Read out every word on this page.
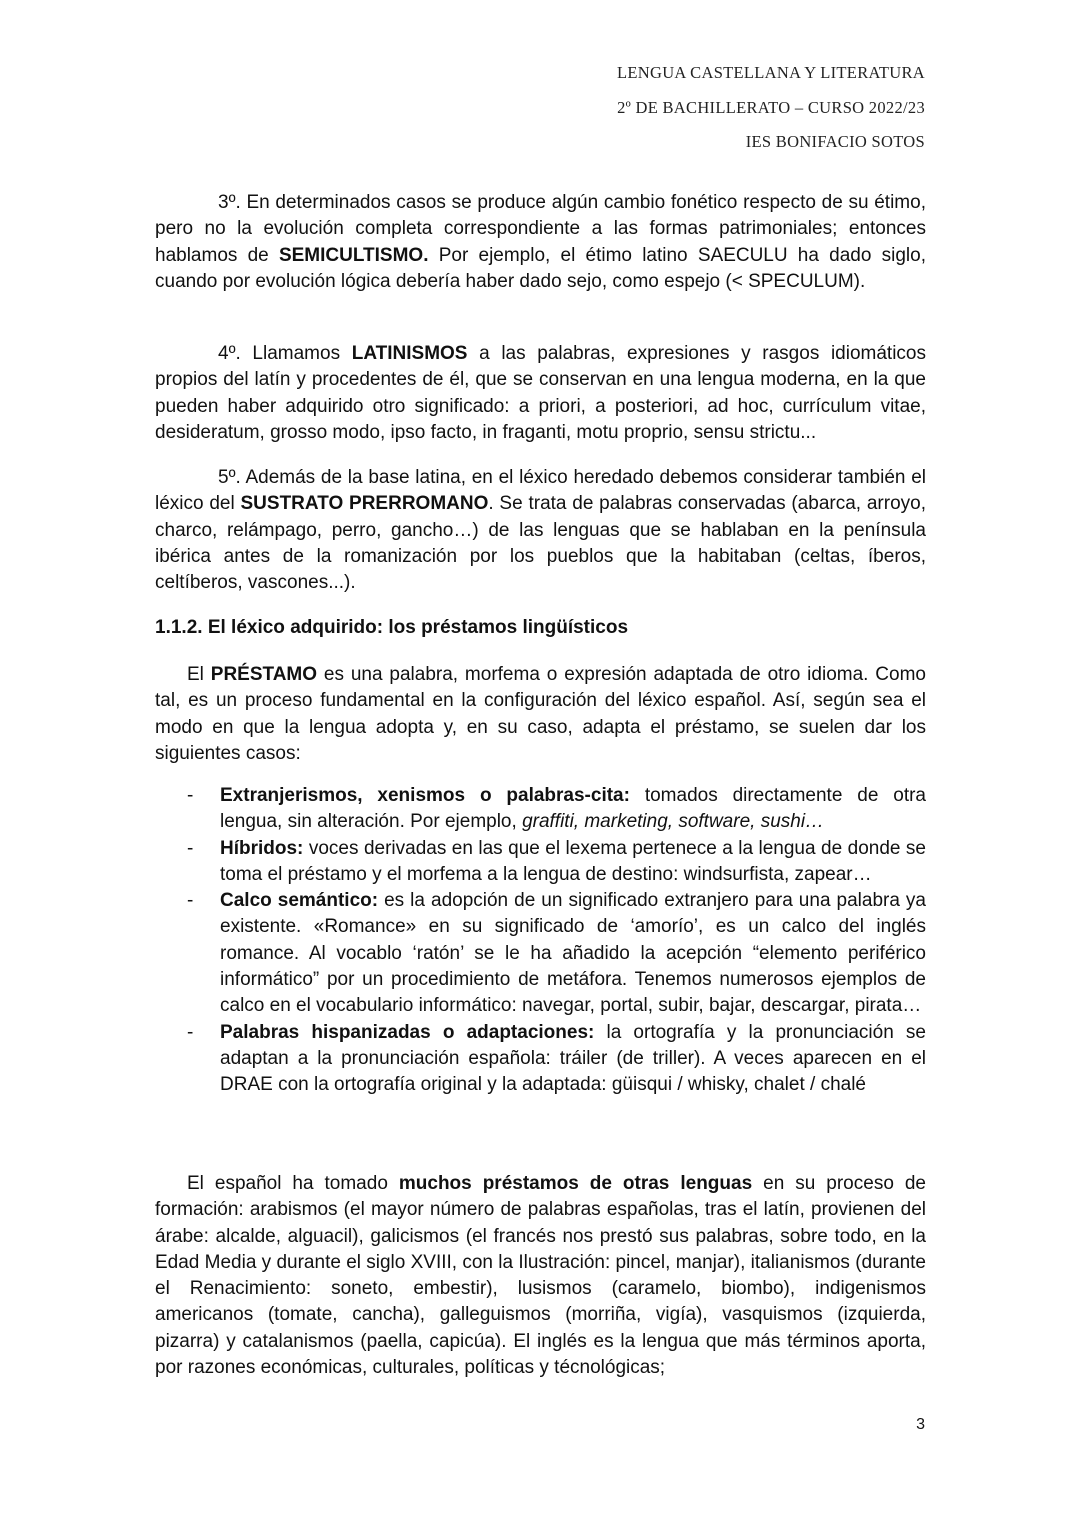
LENGUA CASTELLANA Y LITERATURA
2º DE BACHILLERATO – CURSO 2022/23
IES BONIFACIO SOTOS
3º. En determinados casos se produce algún cambio fonético respecto de su étimo, pero no la evolución completa correspondiente a las formas patrimoniales; entonces hablamos de SEMICULTISMO. Por ejemplo, el étimo latino SAECULU ha dado siglo, cuando por evolución lógica debería haber dado sejo, como espejo (< SPECULUM).
4º. Llamamos LATINISMOS a las palabras, expresiones y rasgos idiomáticos propios del latín y procedentes de él, que se conservan en una lengua moderna, en la que pueden haber adquirido otro significado: a priori, a posteriori, ad hoc, currículum vitae, desideratum, grosso modo, ipso facto, in fraganti, motu proprio, sensu strictu...
5º. Además de la base latina, en el léxico heredado debemos considerar también el léxico del SUSTRATO PRERROMANO. Se trata de palabras conservadas (abarca, arroyo, charco, relámpago, perro, gancho…) de las lenguas que se hablaban en la península ibérica antes de la romanización por los pueblos que la habitaban (celtas, íberos, celtíberos, vascones...).
1.1.2. El léxico adquirido: los préstamos lingüísticos
El PRÉSTAMO es una palabra, morfema o expresión adaptada de otro idioma. Como tal, es un proceso fundamental en la configuración del léxico español. Así, según sea el modo en que la lengua adopta y, en su caso, adapta el préstamo, se suelen dar los siguientes casos:
- Extranjerismos, xenismos o palabras-cita: tomados directamente de otra lengua, sin alteración. Por ejemplo, graffiti, marketing, software, sushi…
- Híbridos: voces derivadas en las que el lexema pertenece a la lengua de donde se toma el préstamo y el morfema a la lengua de destino: windsurfista, zapear…
- Calco semántico: es la adopción de un significado extranjero para una palabra ya existente. «Romance» en su significado de ‘amorío’, es un calco del inglés romance. Al vocablo ‘ratón’ se le ha añadido la acepción “elemento periférico informático” por un procedimiento de metáfora. Tenemos numerosos ejemplos de calco en el vocabulario informático: navegar, portal, subir, bajar, descargar, pirata…
- Palabras hispanizadas o adaptaciones: la ortografía y la pronunciación se adaptan a la pronunciación española: tráiler (de triller). A veces aparecen en el DRAE con la ortografía original y la adaptada: güisqui / whisky, chalet / chalé
El español ha tomado muchos préstamos de otras lenguas en su proceso de formación: arabismos (el mayor número de palabras españolas, tras el latín, provienen del árabe: alcalde, alguacil), galicismos (el francés nos prestó sus palabras, sobre todo, en la Edad Media y durante el siglo XVIII, con la Ilustración: pincel, manjar), italianismos (durante el Renacimiento: soneto, embestir), lusismos (caramelo, biombo), indigenismos americanos (tomate, cancha), galleguismos (morriña, vigía), vasquismos (izquierda, pizarra) y catalanismos (paella, capicúa). El inglés es la lengua que más términos aporta, por razones económicas, culturales, políticas y técnológicas;
3
